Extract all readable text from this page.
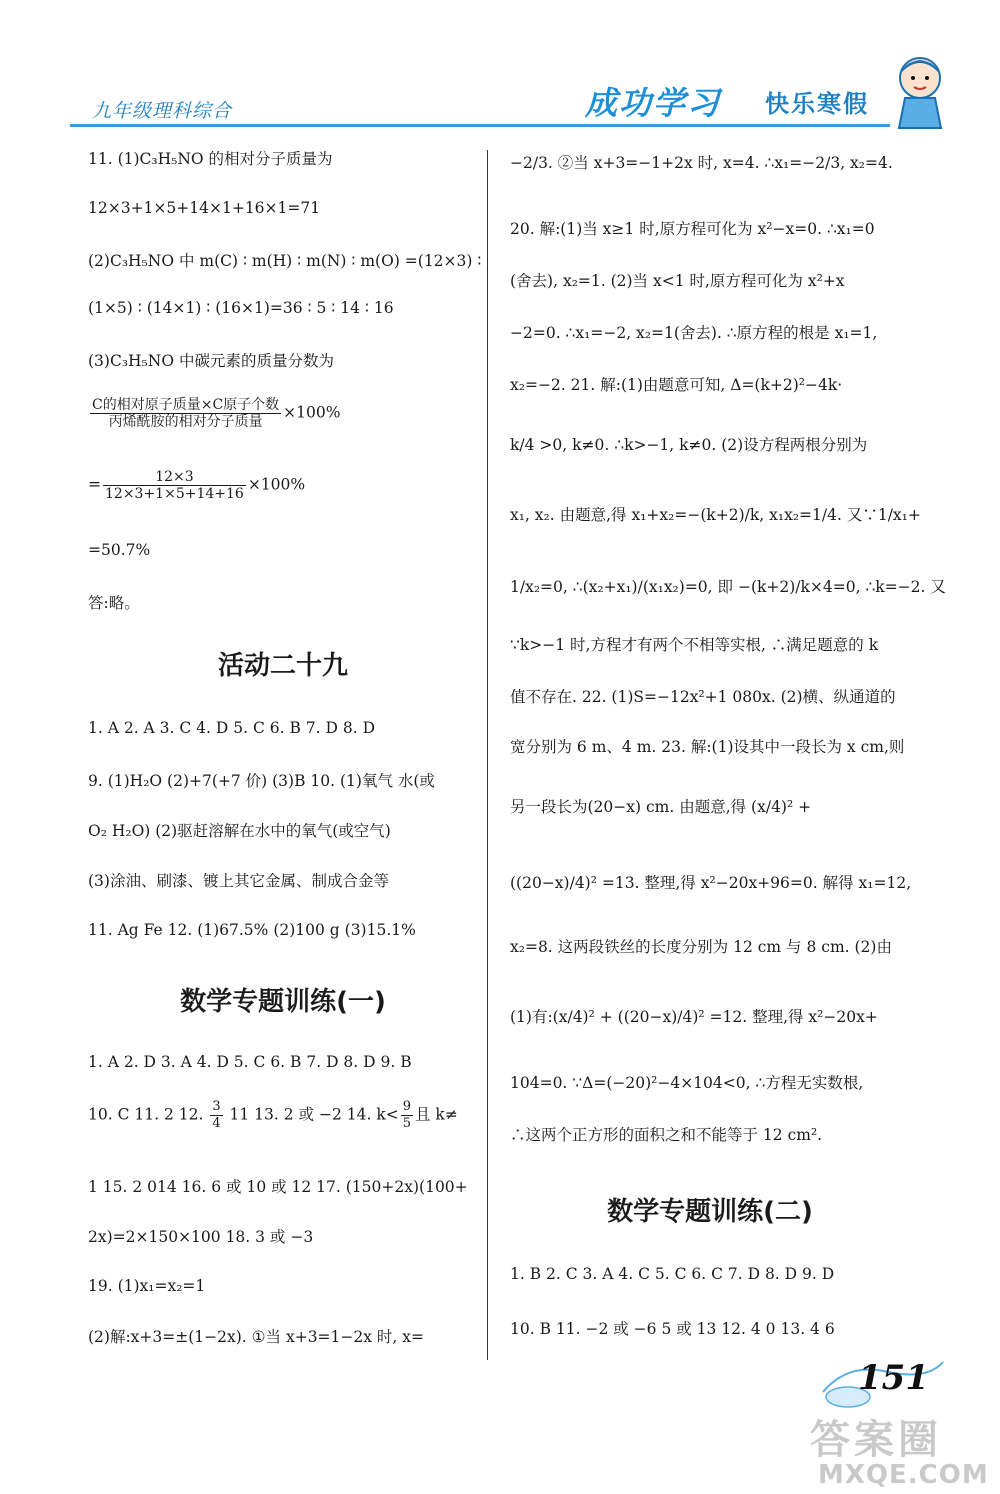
九年级理科综合	成功学习 快乐寒假
11. (1)C₃H₅NO 的相对分子质量为
12×3+1×5+14×1+16×1=71
(2)C₃H₅NO 中 m(C) ∶ m(H) ∶ m(N) ∶ m(O) =(12×3) ∶
(1×5) ∶ (14×1) ∶ (16×1)=36 ∶ 5 ∶ 14 ∶ 16
(3)C₃H₅NO 中碳元素的质量分数为
$\frac{\text{C的相对原子质量×C原子个数}}{\text{丙烯酰胺的相对分子质量}} \times 100\%$
= $\frac{12\times 3}{12\times 3+1\times 5+14+16} \times 100\%$
=50.7%
答:略。
活动二十九
1. A 2. A 3. C 4. D 5. C 6. B 7. D 8. D
9. (1)H₂O (2)+7(+7 价) (3)B 10. (1)氧气 水(或
O₂ H₂O) (2)驱赶溶解在水中的氧气(或空气)
(3)涂油、刷漆、镀上其它金属、制成合金等
11. Ag Fe 12. (1)67.5% (2)100 g (3)15.1%
数学专题训练(一)
1. A 2. D 3. A 4. D 5. C 6. B 7. D 8. D 9. B
10. C 11. 2 12. $\frac{3}{4} 11$ 13. 2 或 −2 14. $k< \frac{9}{5}$ 且 k≠
1 15. 2 014 16. 6 或 10 或 12 17. (150+2x)(100+
2x)=2×150×100 18. 3 或 −3
19. (1)x₁=x₂=1
(2)解:x+3=±(1−2x). ①当 x+3=1−2x 时, x=
−2/3. ②当 x+3=−1+2x 时, x=4. ∴x₁=−2/3, x₂=4.
20. 解:(1)当 x≥1 时,原方程可化为 x²−x=0. ∴x₁=0
(舍去), x₂=1. (2)当 x<1 时,原方程可化为 x²+x
−2=0. ∴x₁=−2, x₂=1(舍去). ∴原方程的根是 x₁=1,
x₂=−2. 21. 解:(1)由题意可知, Δ=(k+2)²−4k·
k/4 >0, k≠0. ∴k>−1, k≠0. (2)设方程两根分别为
x₁, x₂. 由题意,得 x₁+x₂=−(k+2)/k, x₁x₂=1/4. 又∵1/x₁+
1/x₂=0, ∴(x₂+x₁)/(x₁x₂)=0, 即 −(k+2)/k×4=0, ∴k=−2. 又
∵k>−1 时,方程才有两个不相等实根, ∴满足题意的 k
值不存在. 22. (1)S=−12x²+1 080x. (2)横、纵通道的
宽分别为 6 m、4 m. 23. 解:(1)设其中一段长为 x cm,则
另一段长为(20−x) cm. 由题意,得 (x/4)² +
((20−x)/4)² =13. 整理,得 x²−20x+96=0. 解得 x₁=12,
x₂=8. 这两段铁丝的长度分别为 12 cm 与 8 cm. (2)由
(1)有:(x/4)² + ((20−x)/4)² =12. 整理,得 x²−20x+
104=0. ∵Δ=(−20)²−4×104<0, ∴方程无实数根,
∴这两个正方形的面积之和不能等于 12 cm².
数学专题训练(二)
1. B 2. C 3. A 4. C 5. C 6. C 7. D 8. D 9. D
10. B 11. −2 或 −6 5 或 13 12. 4 0 13. 4 6
151
答案圈
MXQE.COM
